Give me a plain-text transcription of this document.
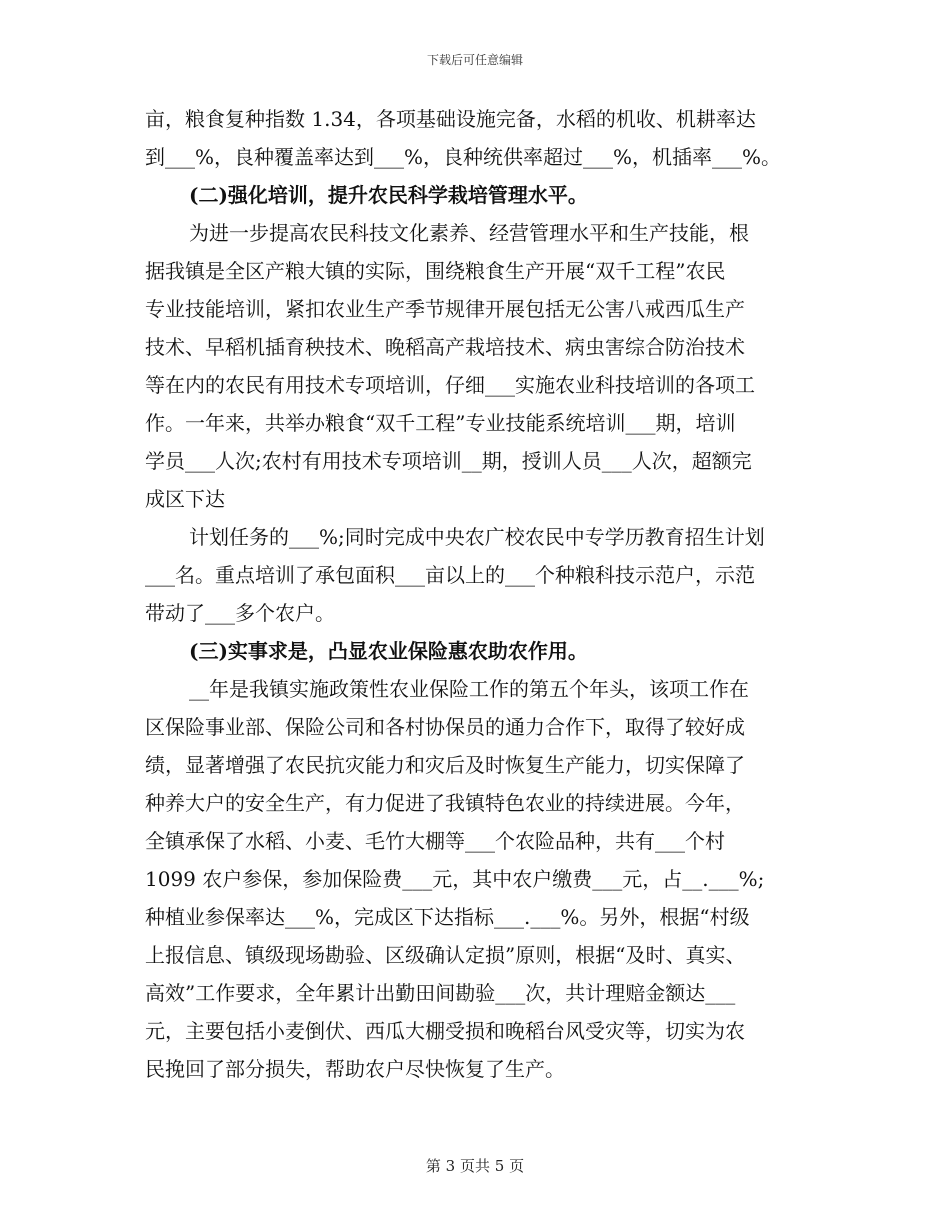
下载后可任意编辑
亩，粮食复种指数 1.34，各项基础设施完备，水稻的机收、机耕率达
到___%，良种覆盖率达到___%，良种统供率超过___%，机插率___%。
(二)强化培训，提升农民科学栽培管理水平。
为进一步提高农民科技文化素养、经营管理水平和生产技能，根
据我镇是全区产粮大镇的实际，围绕粮食生产开展“双千工程”农民
专业技能培训，紧扣农业生产季节规律开展包括无公害八戒西瓜生产
技术、早稻机插育秧技术、晚稻高产栽培技术、病虫害综合防治技术
等在内的农民有用技术专项培训，仔细___实施农业科技培训的各项工
作。一年来，共举办粮食“双千工程”专业技能系统培训___期，培训
学员___人次;农村有用技术专项培训__期，授训人员___人次，超额完
成区下达
计划任务的___%;同时完成中央农广校农民中专学历教育招生计划
___名。重点培训了承包面积___亩以上的___个种粮科技示范户，示范
带动了___多个农户。
(三)实事求是，凸显农业保险惠农助农作用。
__年是我镇实施政策性农业保险工作的第五个年头，该项工作在
区保险事业部、保险公司和各村协保员的通力合作下，取得了较好成
绩，显著增强了农民抗灾能力和灾后及时恢复生产能力，切实保障了
种养大户的安全生产，有力促进了我镇特色农业的持续进展。今年，
全镇承保了水稻、小麦、毛竹大棚等___个农险品种，共有___个村
1099 农户参保，参加保险费___元，其中农户缴费___元，占__.___%;
种植业参保率达___%，完成区下达指标___.___%。另外，根据“村级
上报信息、镇级现场勘验、区级确认定损”原则，根据“及时、真实、
高效”工作要求，全年累计出勤田间勘验___次，共计理赔金额达___
元，主要包括小麦倒伏、西瓜大棚受损和晚稻台风受灾等，切实为农
民挽回了部分损失，帮助农户尽快恢复了生产。
第 3 页共 5 页
